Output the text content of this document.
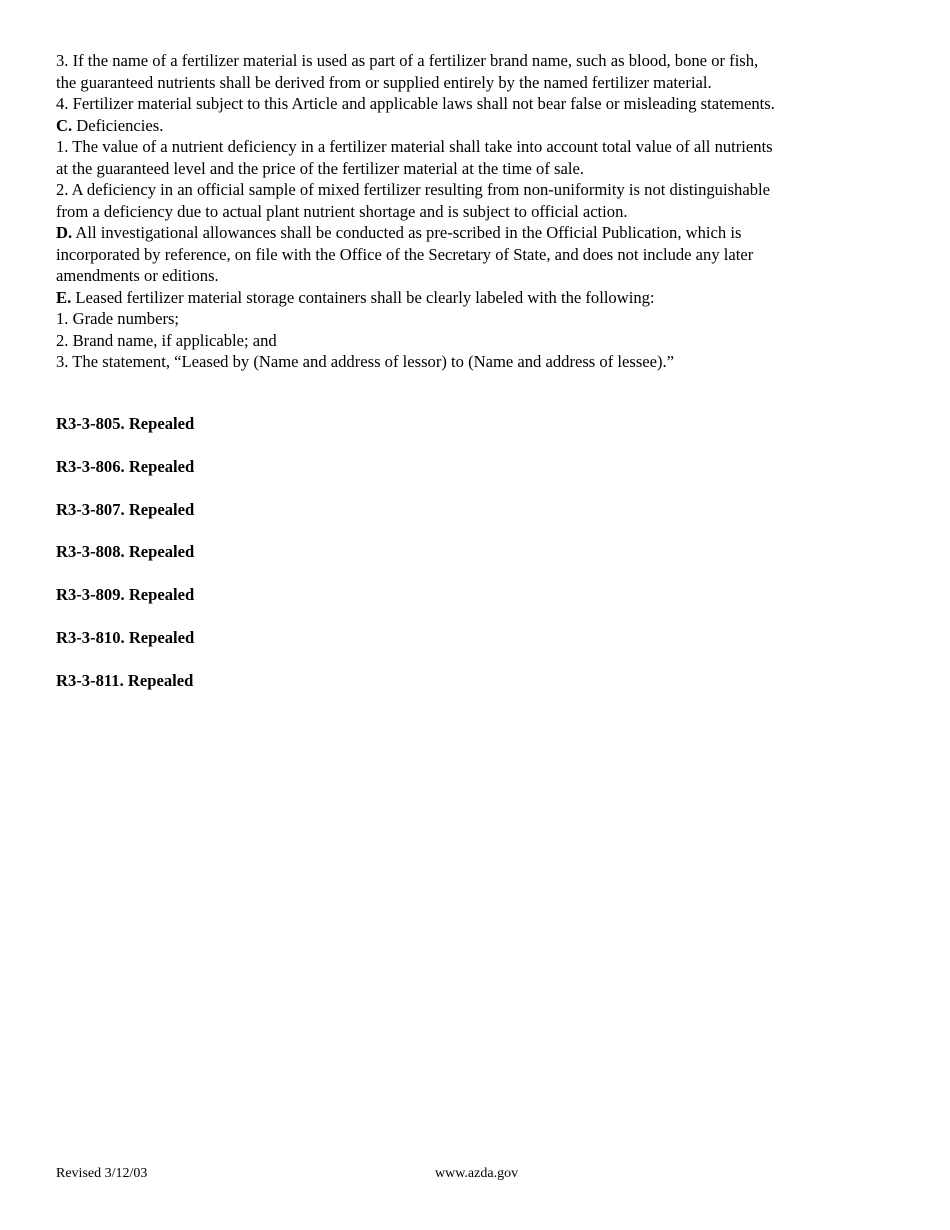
3. If the name of a fertilizer material is used as part of a fertilizer brand name, such as blood, bone or fish,

the guaranteed nutrients shall be derived from or supplied entirely by the named fertilizer material.

4. Fertilizer material subject to this Article and applicable laws shall not bear false or misleading statements.

C. Deficiencies.

1. The value of a nutrient deficiency in a fertilizer material shall take into account total value of all nutrients

at the guaranteed level and the price of the fertilizer material at the time of sale.

2. A deficiency in an official sample of mixed fertilizer resulting from non-uniformity is not distinguishable

from a deficiency due to actual plant nutrient shortage and is subject to official action.

D. All investigational allowances shall be conducted as pre-scribed in the Official Publication, which is

incorporated by reference, on file with the Office of the Secretary of State, and does not include any later

amendments or editions.

E. Leased fertilizer material storage containers shall be clearly labeled with the following:

1. Grade numbers;

2. Brand name, if applicable; and

3. The statement, “Leased by (Name and address of lessor) to (Name and address of lessee).”

R3-3-805. Repealed

R3-3-806. Repealed

R3-3-807. Repealed

R3-3-808. Repealed

R3-3-809. Repealed

R3-3-810. Repealed

R3-3-811. Repealed

Revised 3/12/03	www.azda.gov
